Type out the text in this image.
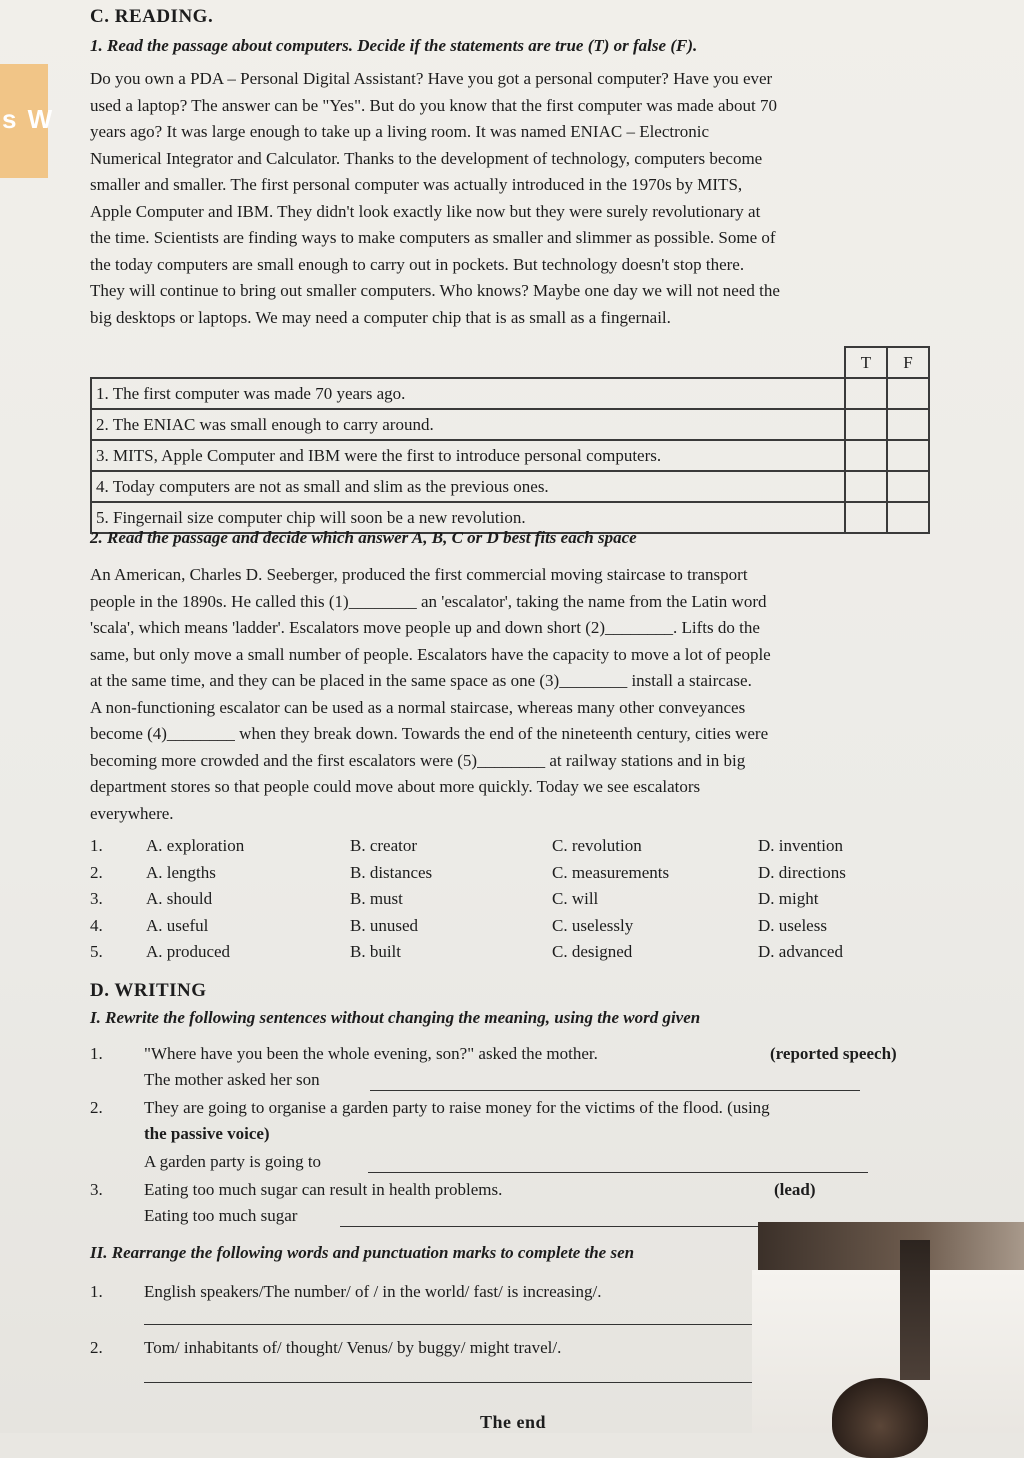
s W

C. READING.

1. Read the passage about computers. Decide if the statements are true (T) or false (F).

Do you own a PDA – Personal Digital Assistant? Have you got a personal computer? Have you ever

used a laptop? The answer can be "Yes". But do you know that the first computer was made about 70

years ago? It was large enough to take up a living room. It was named ENIAC – Electronic

Numerical Integrator and Calculator. Thanks to the development of technology, computers become

smaller and smaller. The first personal computer was actually introduced in the 1970s by MITS,

Apple Computer and IBM. They didn't look exactly like now but they were surely revolutionary at

the time. Scientists are finding ways to make computers as smaller and slimmer as possible. Some of

the today computers are small enough to carry out in pockets. But technology doesn't stop there.

They will continue to bring out smaller computers. Who knows? Maybe one day we will not need the

big desktops or laptops. We may need a computer chip that is as small as a fingernail.

	T	F
1. The first computer was made 70 years ago.		
2. The ENIAC was small enough to carry around.		
3. MITS, Apple Computer and IBM were the first to introduce personal computers.		
4. Today computers are not as small and slim as the previous ones.		
5. Fingernail size computer chip will soon be a new revolution.		

2. Read the passage and decide which answer A, B, C or D best fits each space

An American, Charles D. Seeberger, produced the first commercial moving staircase to transport

people in the 1890s. He called this (1)________ an 'escalator', taking the name from the Latin word

'scala', which means 'ladder'. Escalators move people up and down short (2)________. Lifts do the

same, but only move a small number of people. Escalators have the capacity to move a lot of people

at the same time, and they can be placed in the same space as one (3)________ install a staircase.

A non-functioning escalator can be used as a normal staircase, whereas many other conveyances

become (4)________ when they break down. Towards the end of the nineteenth century, cities were

becoming more crowded and the first escalators were (5)________ at railway stations and in big

department stores so that people could move about more quickly. Today we see escalators

everywhere.

1.	A. exploration	B. creator	C. revolution	D. invention
2.	A. lengths	B. distances	C. measurements	D. directions
3.	A. should	B. must	C. will	D. might
4.	A. useful	B. unused	C. uselessly	D. useless
5.	A. produced	B. built	C. designed	D. advanced

D. WRITING

I. Rewrite the following sentences without changing the meaning, using the word given

1. "Where have you been the whole evening, son?" asked the mother.	(reported speech)
The mother asked her son
2. They are going to organise a garden party to raise money for the victims of the flood. (using
the passive voice)
A garden party is going to
3. Eating too much sugar can result in health problems.	(lead)
Eating too much sugar

II. Rearrange the following words and punctuation marks to complete the sen

1. English speakers/The number/ of / in the world/ fast/ is increasing/.
2. Tom/ inhabitants of/ thought/ Venus/ by buggy/ might travel/.

The end
